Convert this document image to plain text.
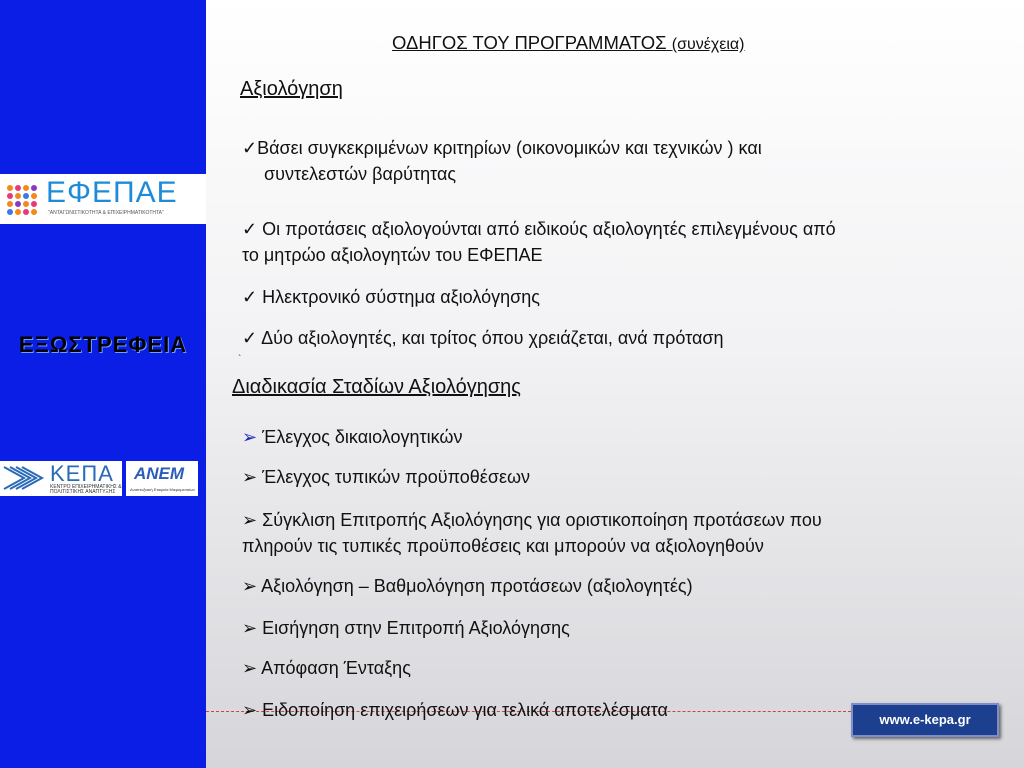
ΕΦΕΠΑΕ
"ΑΝΤΑΓΩΝΙΣΤΙΚΟΤΗΤΑ & ΕΠΙΧΕΙΡΗΜΑΤΙΚΟΤΗΤΑ"
ΕΞΩΣΤΡΕΦΕΙΑ
ΚΕΠΑ
ΚΕΝΤΡΟ ΕΠΙΧΕΙΡΗΜΑΤΙΚΗΣ & ΠΟΛΙΤΙΣΤΙΚΗΣ ΑΝΑΠΤΥΞΗΣ
ΑΝΕΜ
Αναπτυξιακή Εταιρεία Μικρομεσαίων
ΟΔΗΓΟΣ ΤΟΥ ΠΡΟΓΡΑΜΜΑΤΟΣ (συνέχεια)
Αξιολόγηση
✓Βάσει συγκεκριμένων κριτηρίων (οικονομικών και τεχνικών ) και
συντελεστών βαρύτητας
✓ Οι προτάσεις αξιολογούνται από ειδικούς αξιολογητές επιλεγμένους από
το μητρώο αξιολογητών του ΕΦΕΠΑΕ
✓ Ηλεκτρονικό σύστημα αξιολόγησης
✓ Δύο αξιολογητές, και τρίτος όπου χρειάζεται, ανά πρόταση
`
Διαδικασία Σταδίων Αξιολόγησης
➢ Έλεγχος δικαιολογητικών
➢ Έλεγχος τυπικών προϋποθέσεων
➢ Σύγκλιση Επιτροπής Αξιολόγησης για οριστικοποίηση προτάσεων που
πληρούν τις τυπικές προϋποθέσεις και μπορούν να αξιολογηθούν
➢ Αξιολόγηση – Βαθμολόγηση προτάσεων (αξιολογητές)
➢ Εισήγηση στην Επιτροπή Αξιολόγησης
➢ Απόφαση Ένταξης
➢ Ειδοποίηση επιχειρήσεων για τελικά αποτελέσματα	www.e-kepa.gr
